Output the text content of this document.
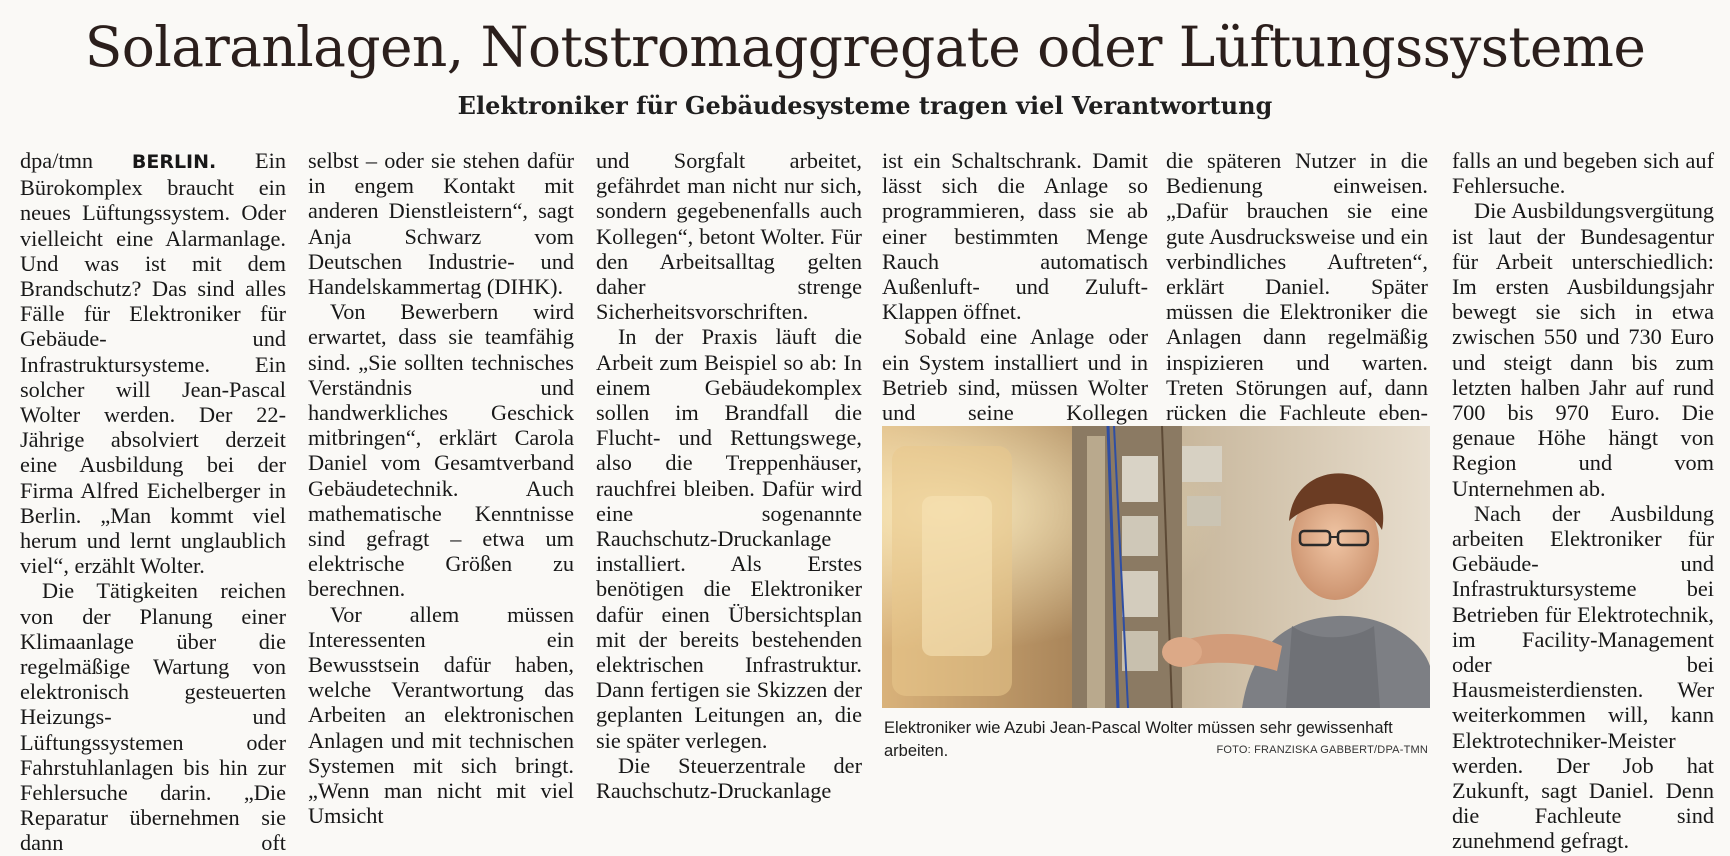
Solaranlagen, Notstromaggregate oder Lüftungssysteme
Elektroniker für Gebäudesysteme tragen viel Verantwortung

dpa/tmn BERLIN. Ein Bürokomplex braucht ein neues Lüftungssystem. Oder vielleicht eine Alarmanlage. Und was ist mit dem Brandschutz? Das sind alles Fälle für Elektroniker für Gebäude- und Infrastruktursysteme. Ein solcher will Jean-Pascal Wolter werden. Der 22-Jährige absolviert derzeit eine Ausbildung bei der Firma Alfred Eichelberger in Berlin. „Man kommt viel herum und lernt unglaublich viel“, erzählt Wolter.

Die Tätigkeiten reichen von der Planung einer Klimaanlage über die regelmäßige Wartung von elektronisch gesteuerten Heizungs- und Lüftungssystemen oder Fahrstuhlanlagen bis hin zur Fehlersuche darin. „Die Reparatur übernehmen sie dann oft

selbst – oder sie stehen dafür in engem Kontakt mit anderen Dienstleistern“, sagt Anja Schwarz vom Deutschen Industrie- und Handelskammertag (DIHK).

Von Bewerbern wird erwartet, dass sie teamfähig sind. „Sie sollten technisches Verständnis und handwerkliches Geschick mitbringen“, erklärt Carola Daniel vom Gesamtverband Gebäudetechnik. Auch mathematische Kenntnisse sind gefragt – etwa um elektrische Größen zu berechnen.

Vor allem müssen Interessenten ein Bewusstsein dafür haben, welche Verantwortung das Arbeiten an elektronischen Anlagen und mit technischen Systemen mit sich bringt. „Wenn man nicht mit viel Umsicht

und Sorgfalt arbeitet, gefährdet man nicht nur sich, sondern gegebenenfalls auch Kollegen“, betont Wolter. Für den Arbeitsalltag gelten daher strenge Sicherheitsvorschriften.

In der Praxis läuft die Arbeit zum Beispiel so ab: In einem Gebäudekomplex sollen im Brandfall die Flucht- und Rettungswege, also die Treppenhäuser, rauchfrei bleiben. Dafür wird eine sogenannte Rauchschutz-Druckanlage installiert. Als Erstes benötigen die Elektroniker dafür einen Übersichtsplan mit der bereits bestehenden elektrischen Infrastruktur. Dann fertigen sie Skizzen der geplanten Leitungen an, die sie später verlegen.

Die Steuerzentrale der Rauchschutz-Druckanlage

ist ein Schaltschrank. Damit lässt sich die Anlage so programmieren, dass sie ab einer bestimmten Menge Rauch automatisch Außenluft- und Zuluft-Klappen öffnet.

Sobald eine Anlage oder ein System installiert und in Betrieb sind, müssen Wolter und seine Kollegen

die späteren Nutzer in die Bedienung einweisen. „Dafür brauchen sie eine gute Ausdrucksweise und ein verbindliches Auftreten“, erklärt Daniel. Später müssen die Elektroniker die Anlagen dann regelmäßig inspizieren und warten. Treten Störungen auf, dann rücken die Fachleute eben-

falls an und begeben sich auf Fehlersuche.

Die Ausbildungsvergütung ist laut der Bundesagentur für Arbeit unterschiedlich: Im ersten Ausbildungsjahr bewegt sie sich in etwa zwischen 550 und 730 Euro und steigt dann bis zum letzten halben Jahr auf rund 700 bis 970 Euro. Die genaue Höhe hängt von Region und vom Unternehmen ab.

Nach der Ausbildung arbeiten Elektroniker für Gebäude- und Infrastruktursysteme bei Betrieben für Elektrotechnik, im Facility-Management oder bei Hausmeisterdiensten. Wer weiterkommen will, kann Elektrotechniker-Meister werden. Der Job hat Zukunft, sagt Daniel. Denn die Fachleute sind zunehmend gefragt.

Elektroniker wie Azubi Jean-Pascal Wolter müssen sehr gewissenhaft arbeiten.	FOTO: FRANZISKA GABBERT/DPA-TMN
